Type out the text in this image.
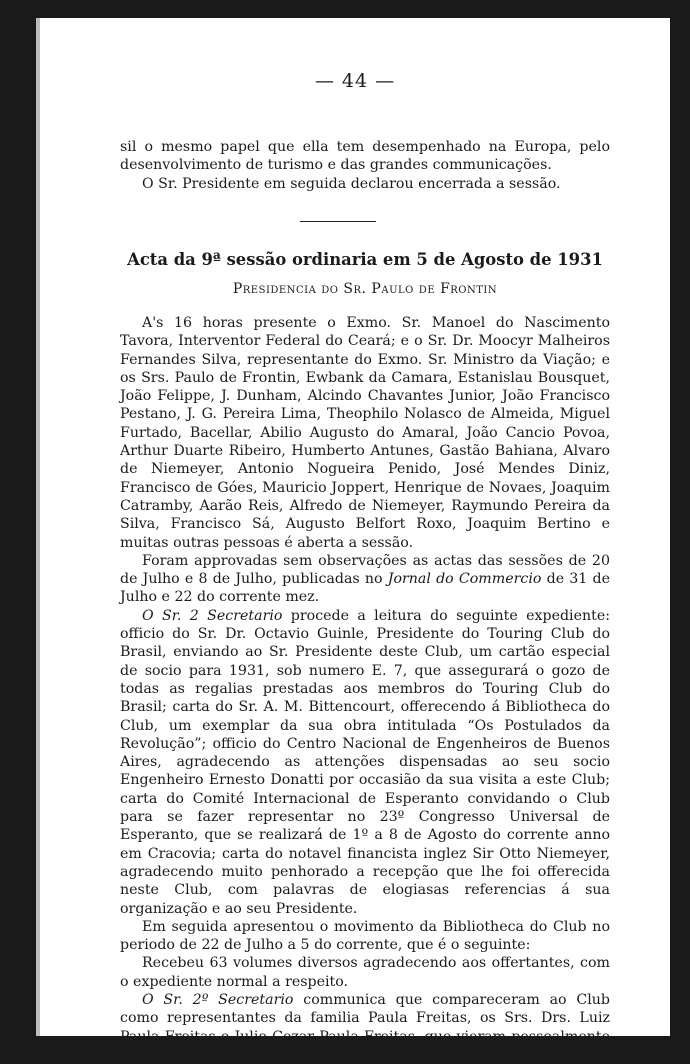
— 44 —

sil o mesmo papel que ella tem desempenhado na Europa, pelo

desenvolvimento de turismo e das grandes communicações.

O Sr. Presidente em seguida declarou encerrada a sessão.

Acta da 9ª sessão ordinaria em 5 de Agosto de 1931
Presidencia do Sr. Paulo de Frontin

A's 16 horas presente o Exmo. Sr. Manoel do Nascimento Tavora, Interventor Federal do Ceará; e o Sr. Dr. Moocyr Malheiros Fernandes Silva, representante do Exmo. Sr. Ministro da Viação; e os Srs. Paulo de Frontin, Ewbank da Camara, Estanislau Bousquet, João Felippe, J. Dunham, Alcindo Chavantes Junior, João Francisco Pestano, J. G. Pereira Lima, Theophilo Nolasco de Almeida, Miguel Furtado, Bacellar, Abilio Augusto do Amaral, João Cancio Povoa, Arthur Duarte Ribeiro, Humberto Antunes, Gastão Bahiana, Alvaro de Niemeyer, Antonio Nogueira Penido, José Mendes Diniz, Francisco de Góes, Mauricio Joppert, Henrique de Novaes, Joaquim Catramby, Aarão Reis, Alfredo de Niemeyer, Raymundo Pereira da Silva, Francisco Sá, Augusto Belfort Roxo, Joaquim Bertino e muitas outras pessoas é aberta a sessão.

Foram approvadas sem observações as actas das sessões de 20 de Julho e 8 de Julho, publicadas no Jornal do Commercio de 31 de Julho e 22 do corrente mez.

O Sr. 2 Secretario procede a leitura do seguinte expediente: officio do Sr. Dr. Octavio Guinle, Presidente do Touring Club do Brasil, enviando ao Sr. Presidente deste Club, um cartão especial de socio para 1931, sob numero E. 7, que assegurará o gozo de todas as regalias prestadas aos membros do Touring Club do Brasil; carta do Sr. A. M. Bittencourt, offerecendo á Bibliotheca do Club, um exemplar da sua obra intitulada “Os Postulados da Revolução”; officio do Centro Nacional de Engenheiros de Buenos Aires, agradecendo as attenções dispensadas ao seu socio Engenheiro Ernesto Donatti por occasião da sua visita a este Club; carta do Comité Internacional de Esperanto convidando o Club para se fazer representar no 23º Congresso Universal de Esperanto, que se realizará de 1º a 8 de Agosto do corrente anno em Cracovia; carta do notavel financista inglez Sir Otto Niemeyer, agradecendo muito penhorado a recepção que lhe foi offerecida neste Club, com palavras de elogiasas referencias á sua organização e ao seu Presidente.

Em seguida apresentou o movimento da Bibliotheca do Club no periodo de 22 de Julho a 5 do corrente, que é o seguinte:

Recebeu 63 volumes diversos agradecendo aos offertantes, com o expediente normal a respeito.

O Sr. 2º Secretario communica que compareceram ao Club como representantes da familia Paula Freitas, os Srs. Drs. Luiz Paula Freitas e Julio Cezar Paula Freitas, que vieram pessoalmente agradecer as homanegans pelo Club prestadas á
